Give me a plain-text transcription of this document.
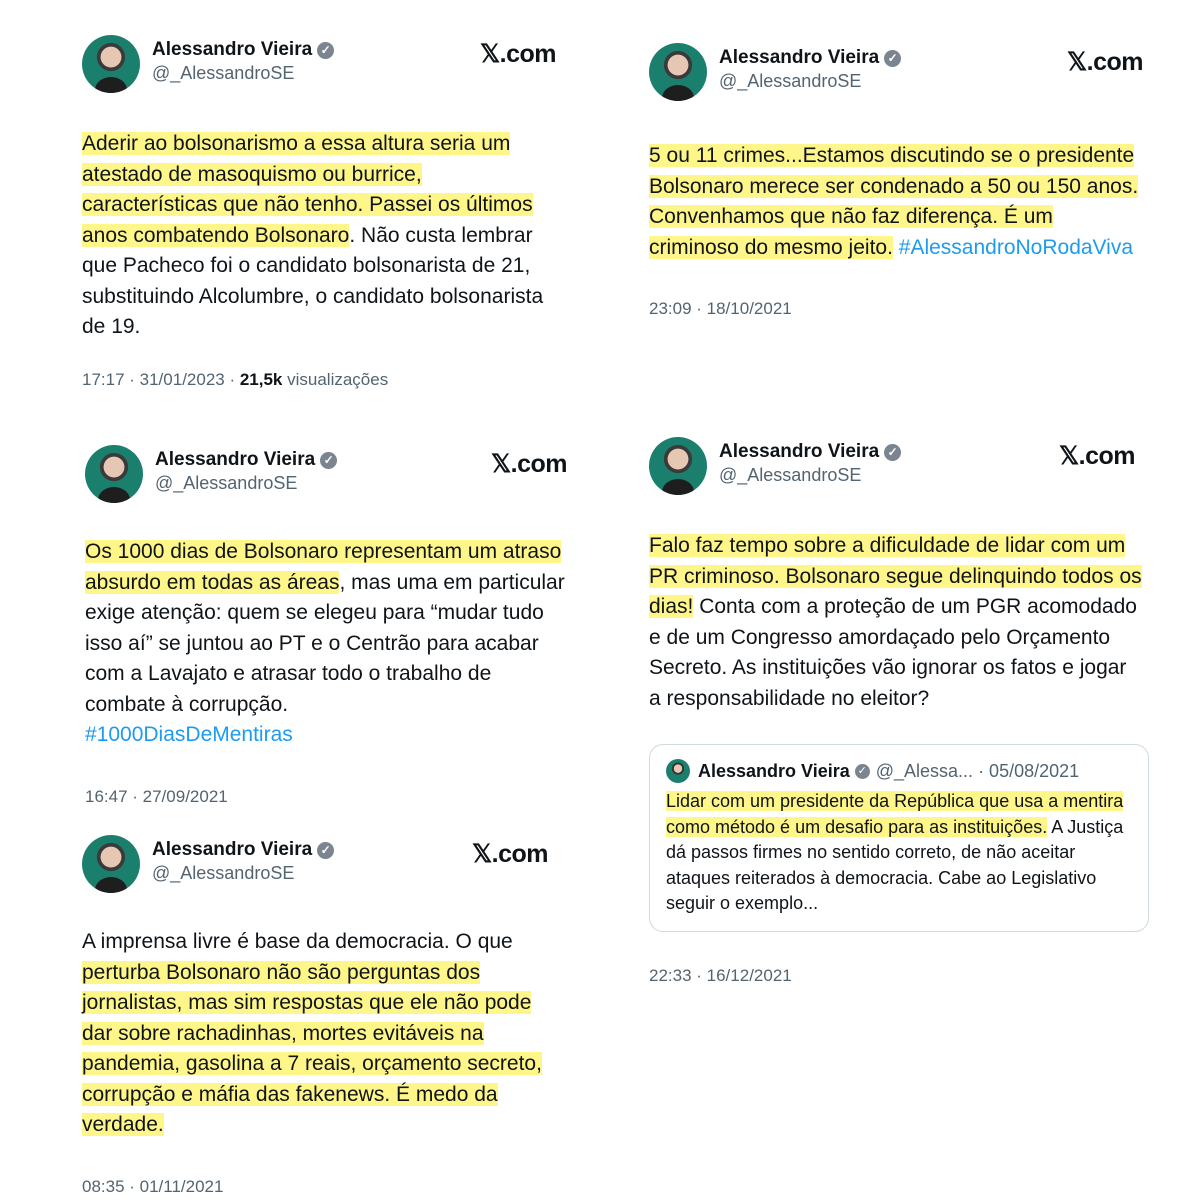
Alessandro Vieira ✓
@_AlessandroSE
𝕏.com
Aderir ao bolsonarismo a essa altura seria um atestado de masoquismo ou burrice, características que não tenho. Passei os últimos anos combatendo Bolsonaro. Não custa lembrar que Pacheco foi o candidato bolsonarista de 21, substituindo Alcolumbre, o candidato bolsonarista de 19.
17:17 · 31/01/2023 · 21,5k visualizações
Alessandro Vieira ✓
@_AlessandroSE
𝕏.com
5 ou 11 crimes...Estamos discutindo se o presidente Bolsonaro merece ser condenado a 50 ou 150 anos. Convenhamos que não faz diferença. É um criminoso do mesmo jeito. #AlessandroNoRodaViva
23:09 · 18/10/2021
Alessandro Vieira ✓
@_AlessandroSE
𝕏.com
Os 1000 dias de Bolsonaro representam um atraso absurdo em todas as áreas, mas uma em particular exige atenção: quem se elegeu para “mudar tudo isso aí” se juntou ao PT e o Centrão para acabar com a Lavajato e atrasar todo o trabalho de combate à corrupção.
#1000DiasDeMentiras
16:47 · 27/09/2021
Alessandro Vieira ✓
@_AlessandroSE
𝕏.com
Falo faz tempo sobre a dificuldade de lidar com um PR criminoso. Bolsonaro segue delinquindo todos os dias! Conta com a proteção de um PGR acomodado e de um Congresso amordaçado pelo Orçamento Secreto. As instituições vão ignorar os fatos e jogar a responsabilidade no eleitor?
Alessandro Vieira ✓ @_Alessa... · 05/08/2021
Lidar com um presidente da República que usa a mentira como método é um desafio para as instituições. A Justiça dá passos firmes no sentido correto, de não aceitar ataques reiterados à democracia. Cabe ao Legislativo seguir o exemplo...
22:33 · 16/12/2021
Alessandro Vieira ✓
@_AlessandroSE
𝕏.com
A imprensa livre é base da democracia. O que perturba Bolsonaro não são perguntas dos jornalistas, mas sim respostas que ele não pode dar sobre rachadinhas, mortes evitáveis na pandemia, gasolina a 7 reais, orçamento secreto, corrupção e máfia das fakenews. É medo da verdade.
08:35 · 01/11/2021
